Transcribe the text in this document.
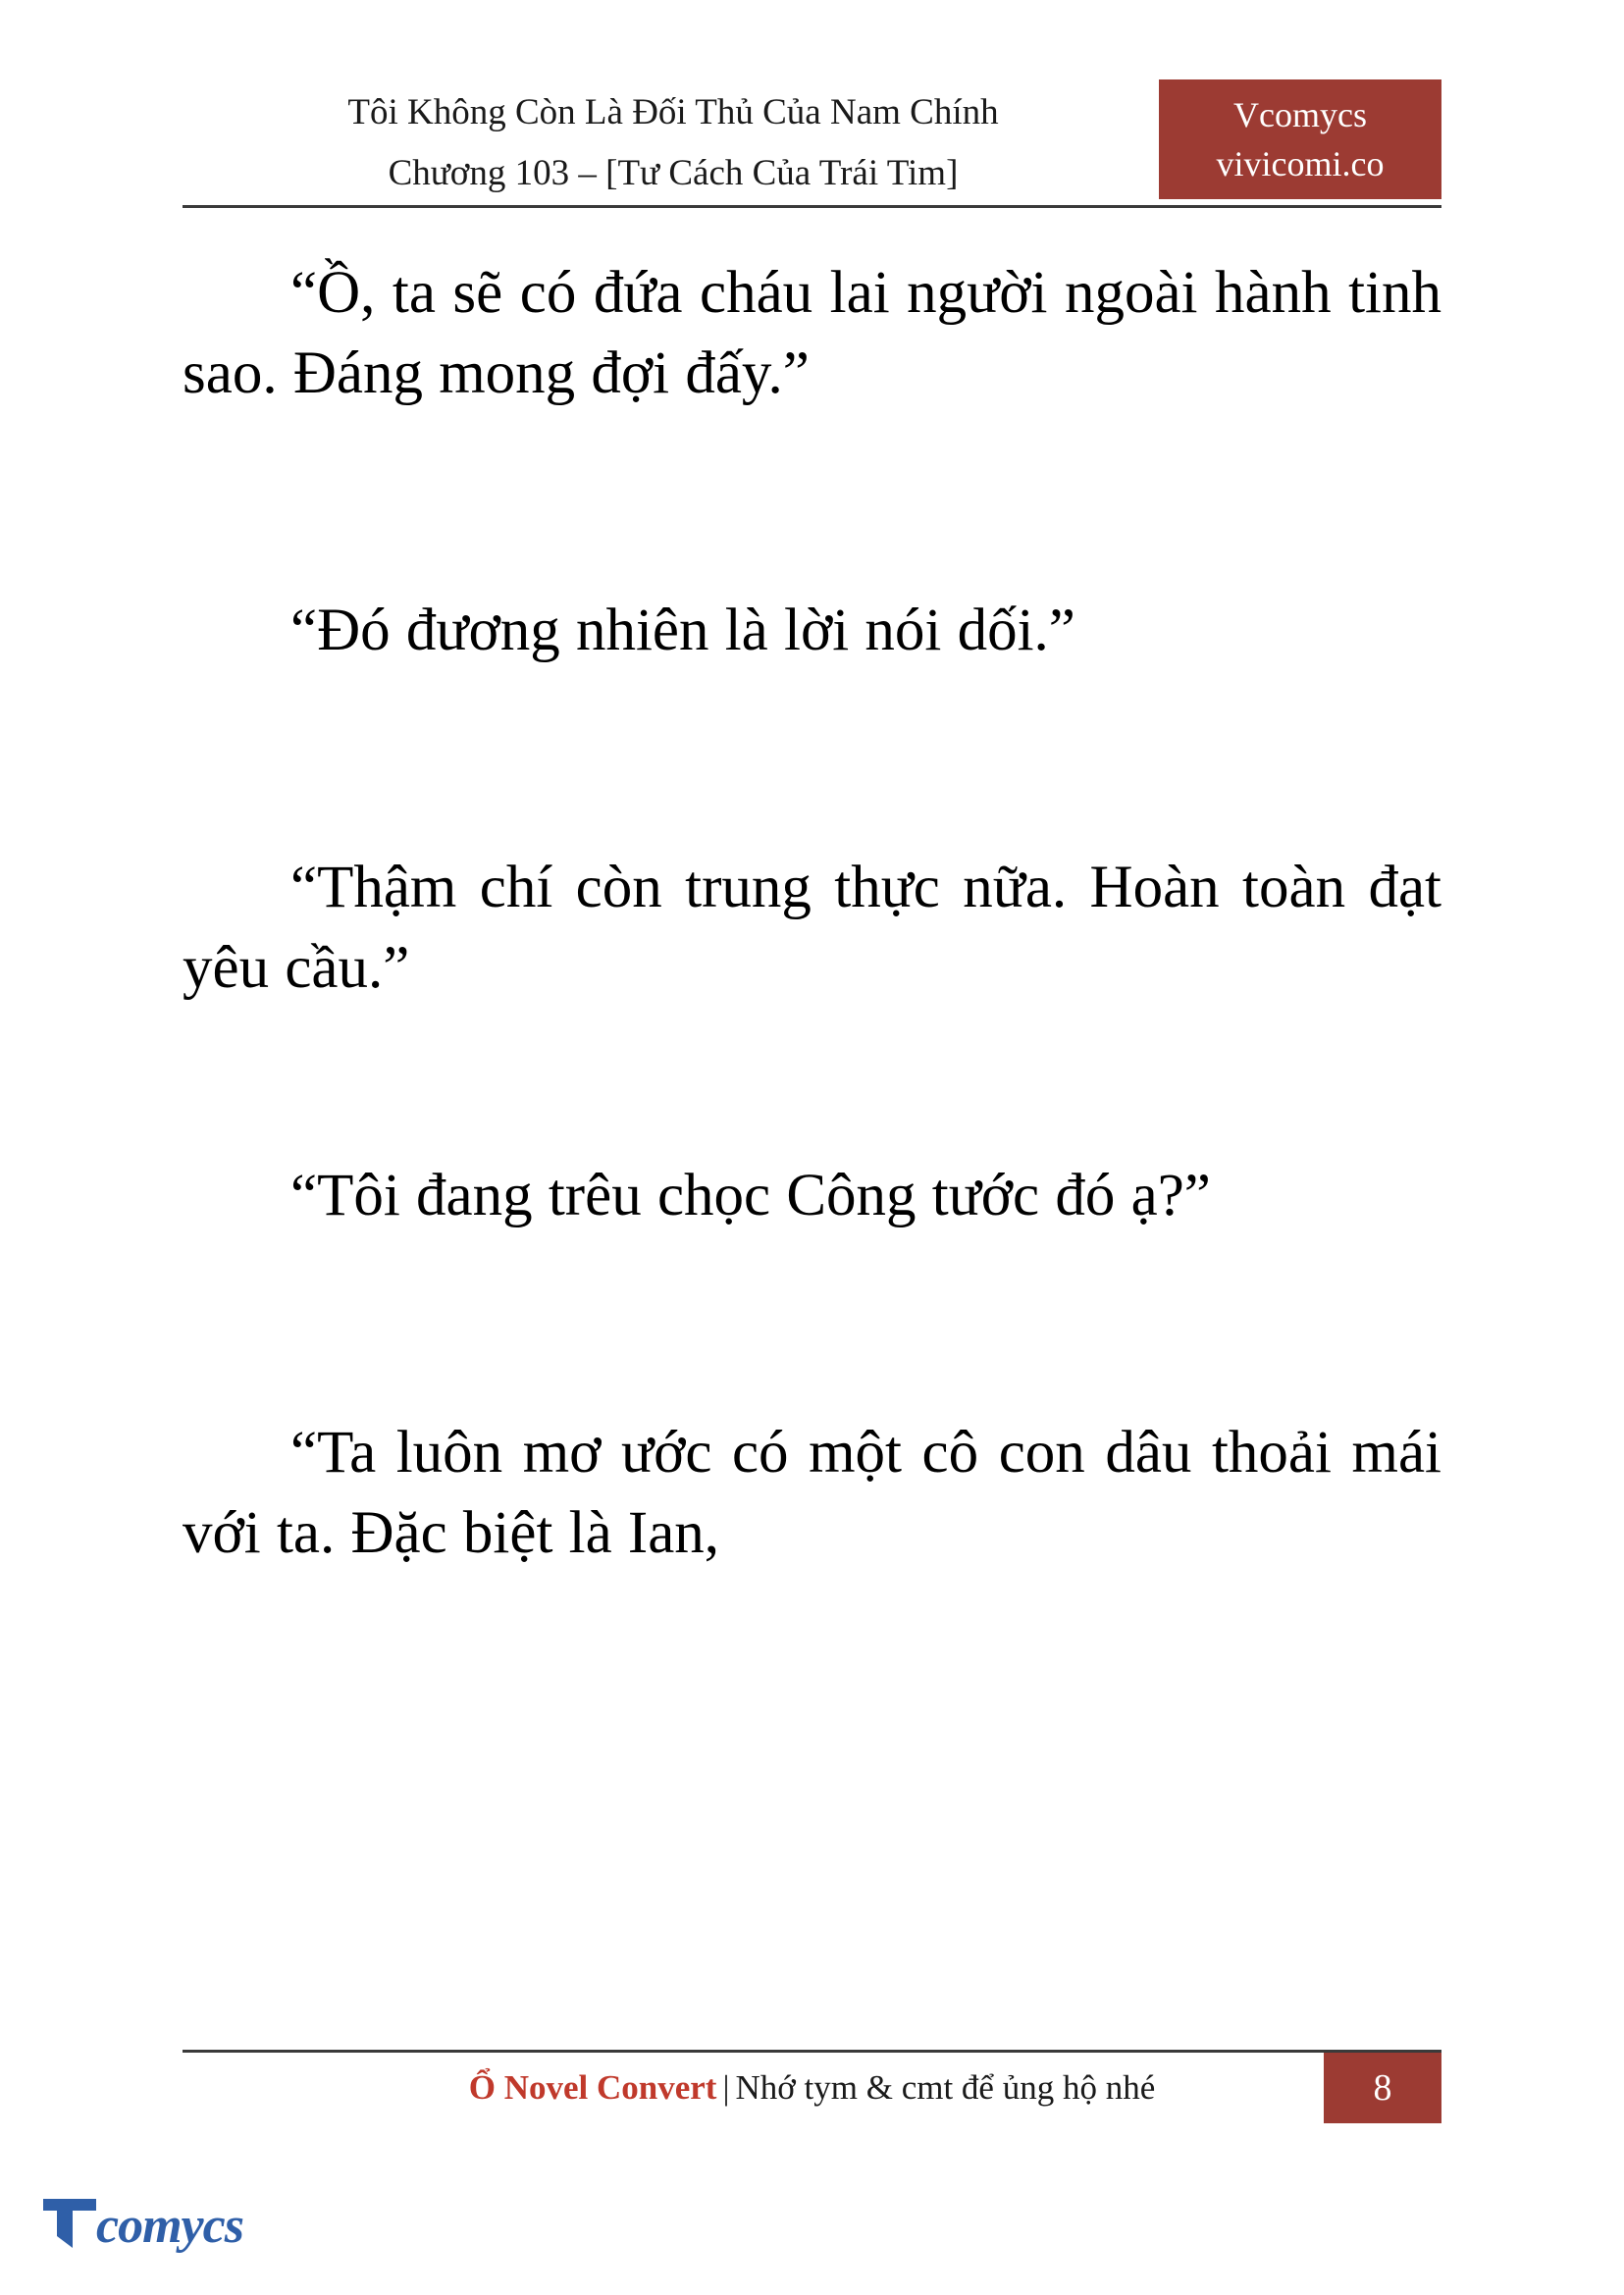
Tôi Không Còn Là Đối Thủ Của Nam Chính
Chương 103 – [Tư Cách Của Trái Tim]
Vcomycs
vivicomi.co

“Ồ, ta sẽ có đứa cháu lai người ngoài hành tinh sao. Đáng mong đợi đấy.”

“Đó đương nhiên là lời nói dối.”

“Thậm chí còn trung thực nữa. Hoàn toàn đạt yêu cầu.”

“Tôi đang trêu chọc Công tước đó ạ?”

“Ta luôn mơ ước có một cô con dâu thoải mái với ta. Đặc biệt là Ian,

Ổ Novel Convert | Nhớ tym & cmt để ủng hộ nhé	8
comycs
